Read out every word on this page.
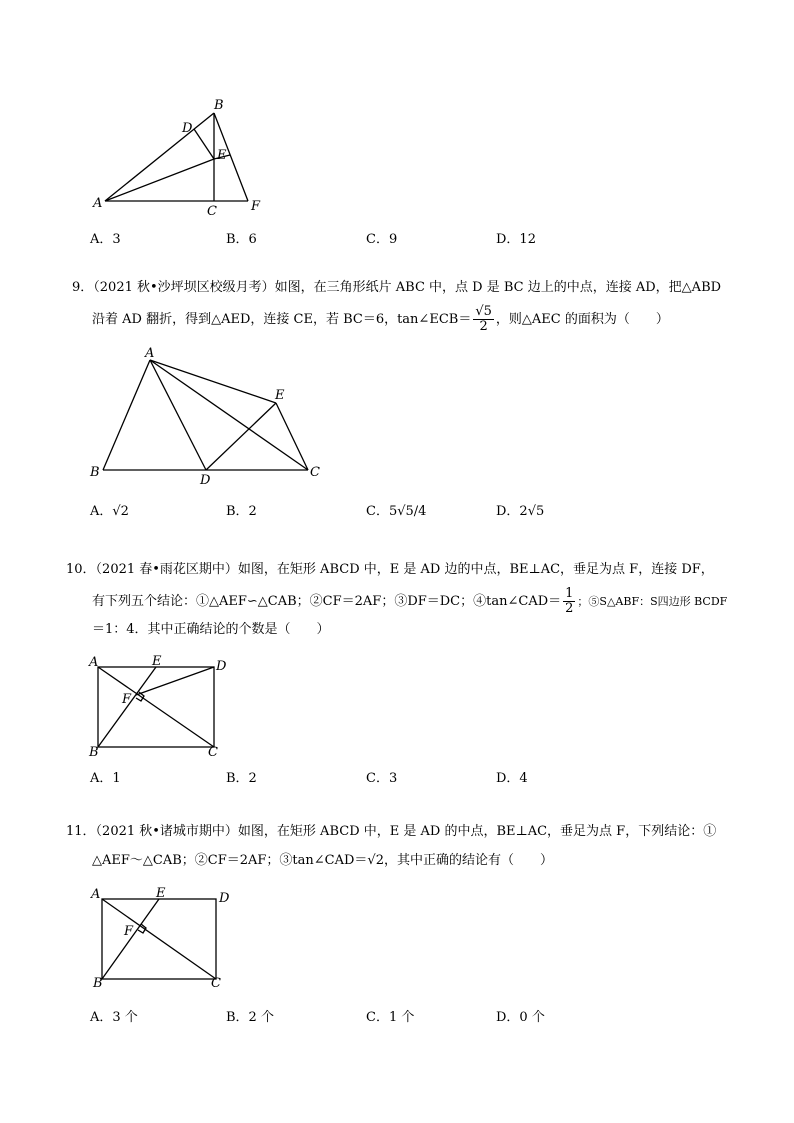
B
D
E
A
C	F
A．3	B．6	C．9	D．12
9．（2021 秋•沙坪坝区校级月考）如图，在三角形纸片 ABC 中，点 D 是 BC 边上的中点，连接 AD，把△ABD
沿着 AD 翻折，得到△AED，连接 CE，若 BC＝6，tan∠ECB＝ $\frac{√5}{2}$ ，则△AEC 的面积为（　　）
A
E
B
D
C
A．√2	B．2	C．5√5/4	D．2√5
10．（2021 春•雨花区期中）如图，在矩形 ABCD 中，E 是 AD 边的中点，BE⊥AC，垂足为点 F，连接 DF，
有下列五个结论：①△AEF∽△CAB；②CF＝2AF；③DF＝DC；④tan∠CAD＝ $\frac{1}{2}$ ；⑤S△ABF：S四边形 BCDF
＝1：4．其中正确结论的个数是（　　）
A	E	D
F
B	C
A．1	B．2	C．3	D．4
11．（2021 秋•诸城市期中）如图，在矩形 ABCD 中，E 是 AD 的中点，BE⊥AC，垂足为点 F，下列结论：①
△AEF～△CAB；②CF＝2AF；③tan∠CAD＝√2，其中正确的结论有（　　）
A	E	D
F
B	C
A．3 个	B．2 个	C．1 个	D．0 个
